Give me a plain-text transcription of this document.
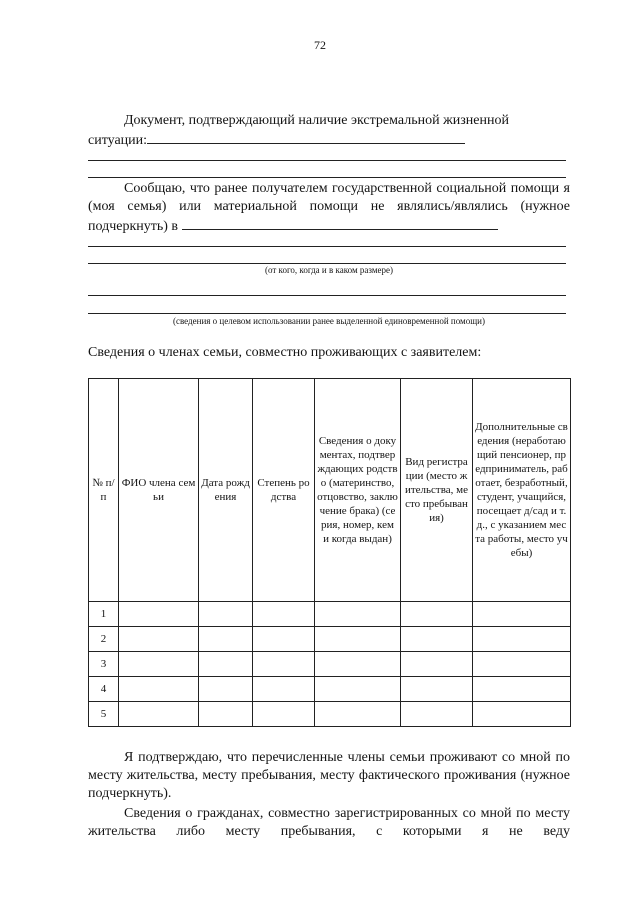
72
Документ, подтверждающий наличие экстремальной жизненной ситуации:
Сообщаю, что ранее получателем государственной социальной помощи я (моя семья) или материальной помощи не являлись/являлись (нужное подчеркнуть) в
(от кого, когда и в каком размере)
(сведения о целевом использовании ранее выделенной единовременной помощи)
Сведения о членах семьи, совместно проживающих с заявителем:
№ п/п	ФИО члена семьи	Дата рождения	Степень родства	Сведения о документах, подтверждающих родство (материнство, отцовство, заключение брака) (серия, номер, кем и когда выдан)	Вид регистрации (место жительства, место пребывания)	Дополнительные сведения (неработающий пенсионер, предприниматель, работает, безработный, студент, учащийся, посещает д/сад и т.д., с указанием места работы, место учебы)
1						
2						
3						
4						
5						

Я подтверждаю, что перечисленные члены семьи проживают со мной по месту жительства, месту пребывания, месту фактического проживания (нужное подчеркнуть).

Сведения о гражданах, совместно зарегистрированных со мной по месту жительства либо месту пребывания, с которыми я не веду
